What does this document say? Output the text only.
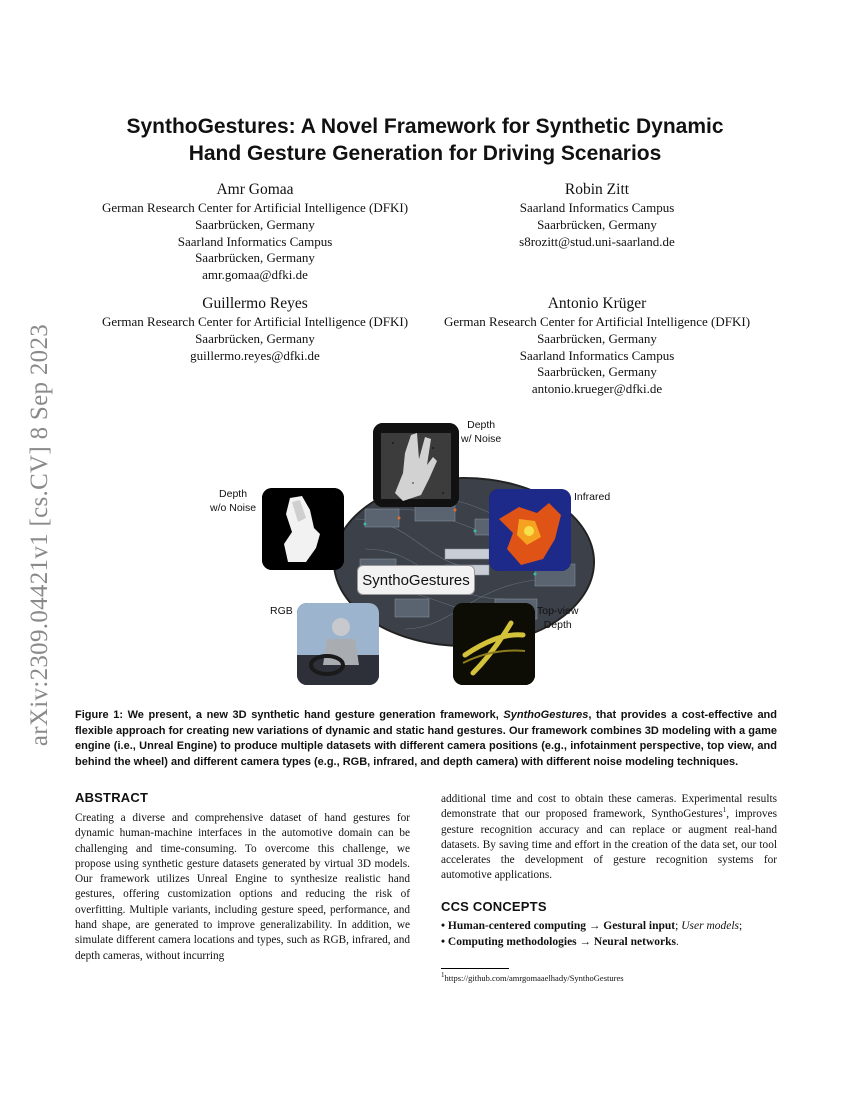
arXiv:2309.04421v1 [cs.CV] 8 Sep 2023
SynthoGestures: A Novel Framework for Synthetic Dynamic
Hand Gesture Generation for Driving Scenarios
Amr Gomaa
German Research Center for Artificial Intelligence (DFKI)
Saarbrücken, Germany
Saarland Informatics Campus
Saarbrücken, Germany
amr.gomaa@dfki.de
Robin Zitt
Saarland Informatics Campus
Saarbrücken, Germany
s8rozitt@stud.uni-saarland.de
Guillermo Reyes
German Research Center for Artificial Intelligence (DFKI)
Saarbrücken, Germany
guillermo.reyes@dfki.de
Antonio Krüger
German Research Center for Artificial Intelligence (DFKI)
Saarbrücken, Germany
Saarland Informatics Campus
Saarbrücken, Germany
antonio.krueger@dfki.de
SynthoGestures
Depth
w/ Noise
Depth
w/o Noise
Infrared
RGB	Top-view
Depth
Figure 1: We present, a new 3D synthetic hand gesture generation framework, SynthoGestures, that provides a cost-effective and flexible approach for creating new variations of dynamic and static hand gestures. Our framework combines 3D modeling with a game engine (i.e., Unreal Engine) to produce multiple datasets with different camera positions (e.g., infotainment perspective, top view, and behind the wheel) and different camera types (e.g., RGB, infrared, and depth camera) with different noise modeling techniques.
ABSTRACT
Creating a diverse and comprehensive dataset of hand gestures for dynamic human-machine interfaces in the automotive domain can be challenging and time-consuming. To overcome this challenge, we propose using synthetic gesture datasets generated by virtual 3D models. Our framework utilizes Unreal Engine to synthesize realistic hand gestures, offering customization options and reducing the risk of overfitting. Multiple variants, including gesture speed, performance, and hand shape, are generated to improve generalizability. In addition, we simulate different camera locations and types, such as RGB, infrared, and depth cameras, without incurring
additional time and cost to obtain these cameras. Experimental results demonstrate that our proposed framework, SynthoGestures$^1$, improves gesture recognition accuracy and can replace or augment real-hand datasets. By saving time and effort in the creation of the data set, our tool accelerates the development of gesture recognition systems for automotive applications.
CCS CONCEPTS
• Human-centered computing → Gestural input; User models;
• Computing methodologies → Neural networks.
$^1$https://github.com/amrgomaaelhady/SynthoGestures
